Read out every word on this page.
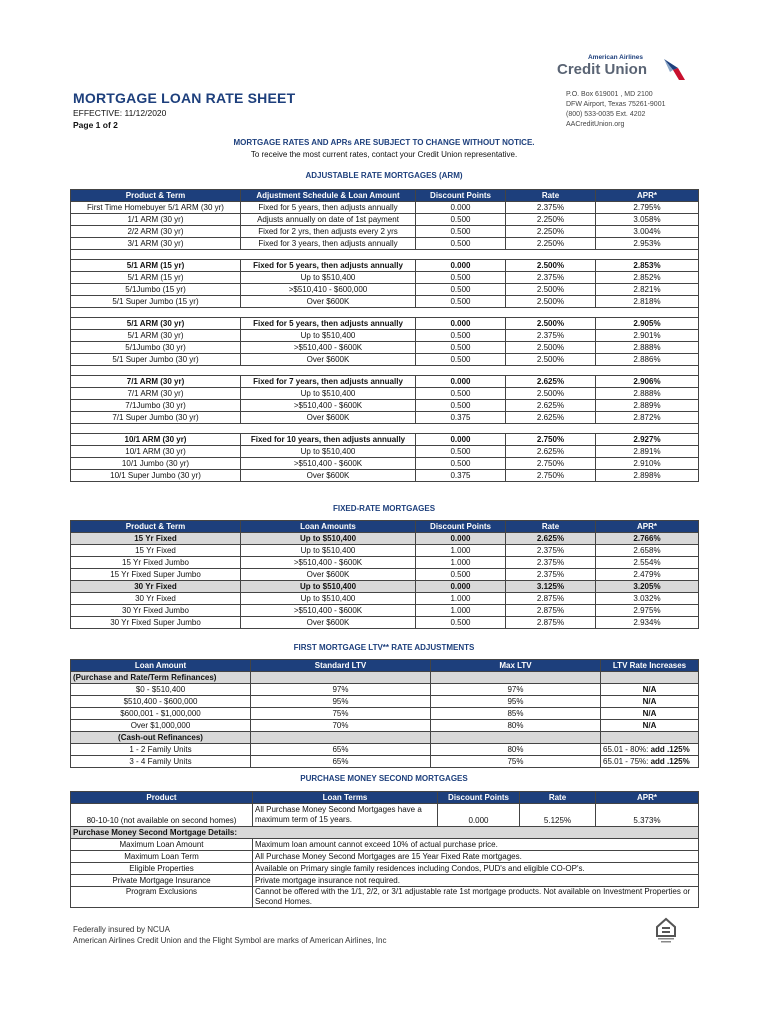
MORTGAGE LOAN RATE SHEET
EFFECTIVE: 11/12/2020
Page 1 of 2
American Airlines
Credit Union
P.O. Box 619001 , MD 2100
DFW Airport, Texas 75261-9001
(800) 533-0035 Ext. 4202
AACreditUnion.org
MORTGAGE RATES AND APRs ARE SUBJECT TO CHANGE WITHOUT NOTICE.
To receive the most current rates, contact your Credit Union representative.
ADJUSTABLE RATE MORTGAGES (ARM)
Product & Term	Adjustment Schedule & Loan Amount	Discount Points	Rate	APR*
First Time Homebuyer 5/1 ARM (30 yr)	Fixed for 5 years, then adjusts annually	0.000	2.375%	2.795%
1/1 ARM (30 yr)	Adjusts annually on date of 1st payment	0.500	2.250%	3.058%
2/2 ARM (30 yr)	Fixed for 2 yrs, then adjusts every 2 yrs	0.500	2.250%	3.004%
3/1 ARM (30 yr)	Fixed for 3 years, then adjusts annually	0.500	2.250%	2.953%

5/1 ARM (15 yr)	Fixed for 5 years, then adjusts annually	0.000	2.500%	2.853%
5/1 ARM (15 yr)	Up to $510,400	0.500	2.375%	2.852%
5/1Jumbo (15 yr)	>$510,410 - $600,000	0.500	2.500%	2.821%
5/1 Super Jumbo (15 yr)	Over $600K	0.500	2.500%	2.818%

5/1 ARM (30 yr)	Fixed for 5 years, then adjusts annually	0.000	2.500%	2.905%
5/1 ARM (30 yr)	Up to $510,400	0.500	2.375%	2.901%
5/1Jumbo (30 yr)	>$510,400 - $600K	0.500	2.500%	2.888%
5/1 Super Jumbo (30 yr)	Over $600K	0.500	2.500%	2.886%

7/1 ARM (30 yr)	Fixed for 7 years, then adjusts annually	0.000	2.625%	2.906%
7/1 ARM (30 yr)	Up to $510,400	0.500	2.500%	2.888%
7/1Jumbo (30 yr)	>$510,400 - $600K	0.500	2.625%	2.889%
7/1 Super Jumbo (30 yr)	Over $600K	0.375	2.625%	2.872%

10/1 ARM (30 yr)	Fixed for 10 years, then adjusts annually	0.000	2.750%	2.927%
10/1 ARM (30 yr)	Up to $510,400	0.500	2.625%	2.891%
10/1 Jumbo (30 yr)	>$510,400 - $600K	0.500	2.750%	2.910%
10/1 Super Jumbo (30 yr)	Over $600K	0.375	2.750%	2.898%
FIXED-RATE MORTGAGES
Product & Term	Loan Amounts	Discount Points	Rate	APR*
15 Yr Fixed	Up to $510,400	0.000	2.625%	2.766%
15 Yr Fixed	Up to $510,400	1.000	2.375%	2.658%
15 Yr Fixed Jumbo	>$510,400 - $600K	1.000	2.375%	2.554%
15 Yr Fixed Super Jumbo	Over $600K	0.500	2.375%	2.479%
30 Yr Fixed	Up to $510,400	0.000	3.125%	3.205%
30 Yr Fixed	Up to $510,400	1.000	2.875%	3.032%
30 Yr Fixed Jumbo	>$510,400 - $600K	1.000	2.875%	2.975%
30 Yr Fixed Super Jumbo	Over $600K	0.500	2.875%	2.934%
FIRST MORTGAGE LTV** RATE ADJUSTMENTS
Loan Amount	Standard LTV	Max LTV	LTV Rate Increases
(Purchase and Rate/Term Refinances)			
$0 - $510,400	97%	97%	N/A
$510,400 - $600,000	95%	95%	N/A
$600,001 - $1,000,000	75%	85%	N/A
Over $1,000,000	70%	80%	N/A
(Cash-out Refinances)			
1 - 2 Family Units	65%	80%	65.01 - 80%: add .125%
3 - 4 Family Units	65%	75%	65.01 - 75%: add .125%
PURCHASE MONEY SECOND MORTGAGES
Product	Loan Terms	Discount Points	Rate	APR*
80-10-10 (not available on second homes)	All Purchase Money Second Mortgages have a maximum term of 15 years.	0.000	5.125%	5.373%
Purchase Money Second Mortgage Details:				
Maximum Loan Amount	Maximum loan amount cannot exceed 10% of actual purchase price.			
Maximum Loan Term	All Purchase Money Second Mortgages are 15 Year Fixed Rate mortgages.			
Eligible Properties	Available on Primary single family residences including Condos, PUD's and eligible CO-OP's.			
Private Mortgage Insurance	Private mortgage insurance not required.			
Program Exclusions	Cannot be offered with the 1/1, 2/2, or 3/1 adjustable rate 1st mortgage products. Not available on Investment Properties or Second Homes.			
Federally insured by NCUA
American Airlines Credit Union and the Flight Symbol are marks of American Airlines, Inc
